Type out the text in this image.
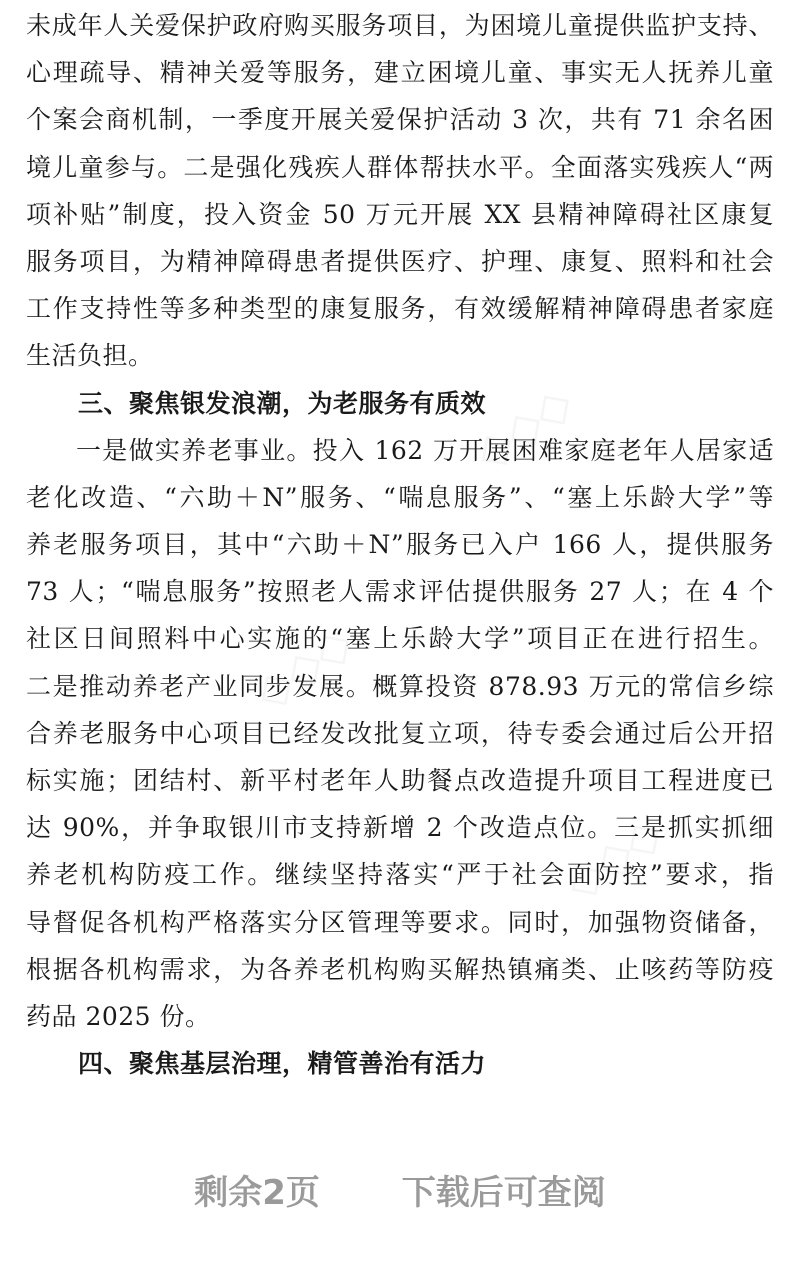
◇◇◇
◇◇◇
◇◇◇
未成年人关爱保护政府购买服务项目，为困境儿童提供监护支持、
心理疏导、精神关爱等服务，建立困境儿童、事实无人抚养儿童
个案会商机制，一季度开展关爱保护活动 3 次，共有 71 余名困
境儿童参与。二是强化残疾人群体帮扶水平。全面落实残疾人“两
项补贴”制度，投入资金 50 万元开展 XX 县精神障碍社区康复
服务项目，为精神障碍患者提供医疗、护理、康复、照料和社会
工作支持性等多种类型的康复服务，有效缓解精神障碍患者家庭
生活负担。
三、聚焦银发浪潮，为老服务有质效
一是做实养老事业。投入 162 万开展困难家庭老年人居家适
老化改造、“六助＋N”服务、“喘息服务”、“塞上乐龄大学”等
养老服务项目，其中“六助＋N”服务已入户 166 人，提供服务
73 人；“喘息服务”按照老人需求评估提供服务 27 人；在 4 个
社区日间照料中心实施的“塞上乐龄大学”项目正在进行招生。
二是推动养老产业同步发展。概算投资 878.93 万元的常信乡综
合养老服务中心项目已经发改批复立项，待专委会通过后公开招
标实施；团结村、新平村老年人助餐点改造提升项目工程进度已
达 90%，并争取银川市支持新增 2 个改造点位。三是抓实抓细
养老机构防疫工作。继续坚持落实“严于社会面防控”要求，指
导督促各机构严格落实分区管理等要求。同时，加强物资储备，
根据各机构需求，为各养老机构购买解热镇痛类、止咳药等防疫
药品 2025 份。
四、聚焦基层治理，精管善治有活力
剩余2页 下载后可查阅
